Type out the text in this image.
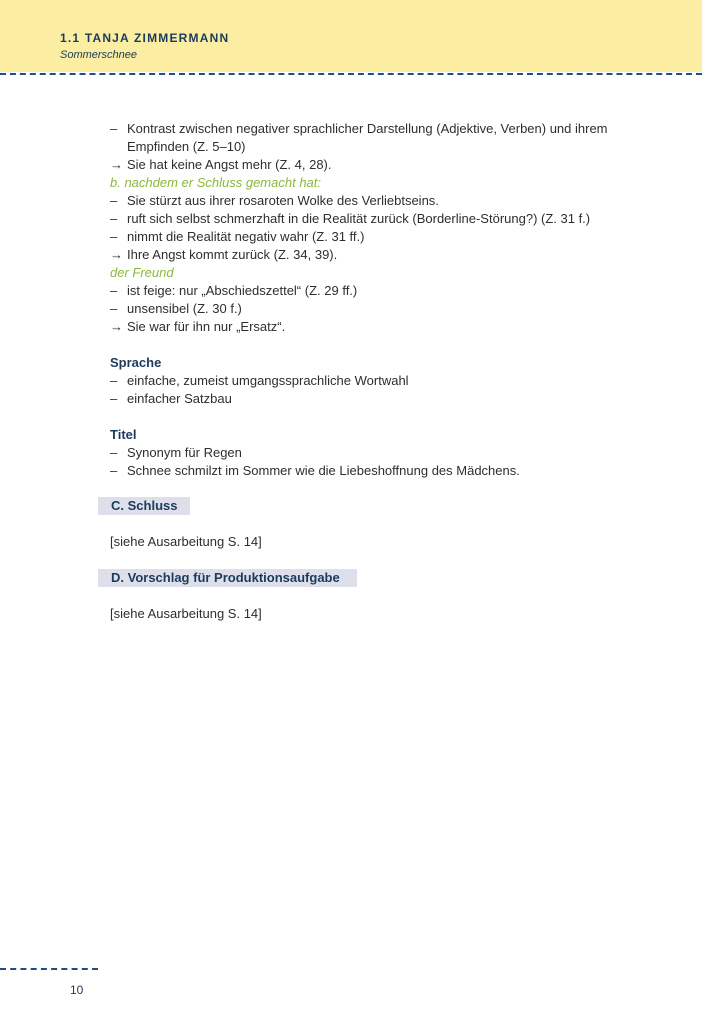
1.1 TANJA ZIMMERMANN
Sommerschnee
– Kontrast zwischen negativer sprachlicher Darstellung (Adjektive, Verben) und ihrem
Empfinden (Z. 5–10)
→ Sie hat keine Angst mehr (Z. 4, 28).
b. nachdem er Schluss gemacht hat:
– Sie stürzt aus ihrer rosaroten Wolke des Verliebtseins.
– ruft sich selbst schmerzhaft in die Realität zurück (Borderline-Störung?) (Z. 31 f.)
– nimmt die Realität negativ wahr (Z. 31 ff.)
→ Ihre Angst kommt zurück (Z. 34, 39).
der Freund
– ist feige: nur „Abschiedszettel“ (Z. 29 ff.)
– unsensibel (Z. 30 f.)
→ Sie war für ihn nur „Ersatz“.
Sprache
– einfache, zumeist umgangssprachliche Wortwahl
– einfacher Satzbau
Titel
– Synonym für Regen
– Schnee schmilzt im Sommer wie die Liebeshoffnung des Mädchens.
C. Schluss
[siehe Ausarbeitung S. 14]
D. Vorschlag für Produktionsaufgabe
[siehe Ausarbeitung S. 14]
10
